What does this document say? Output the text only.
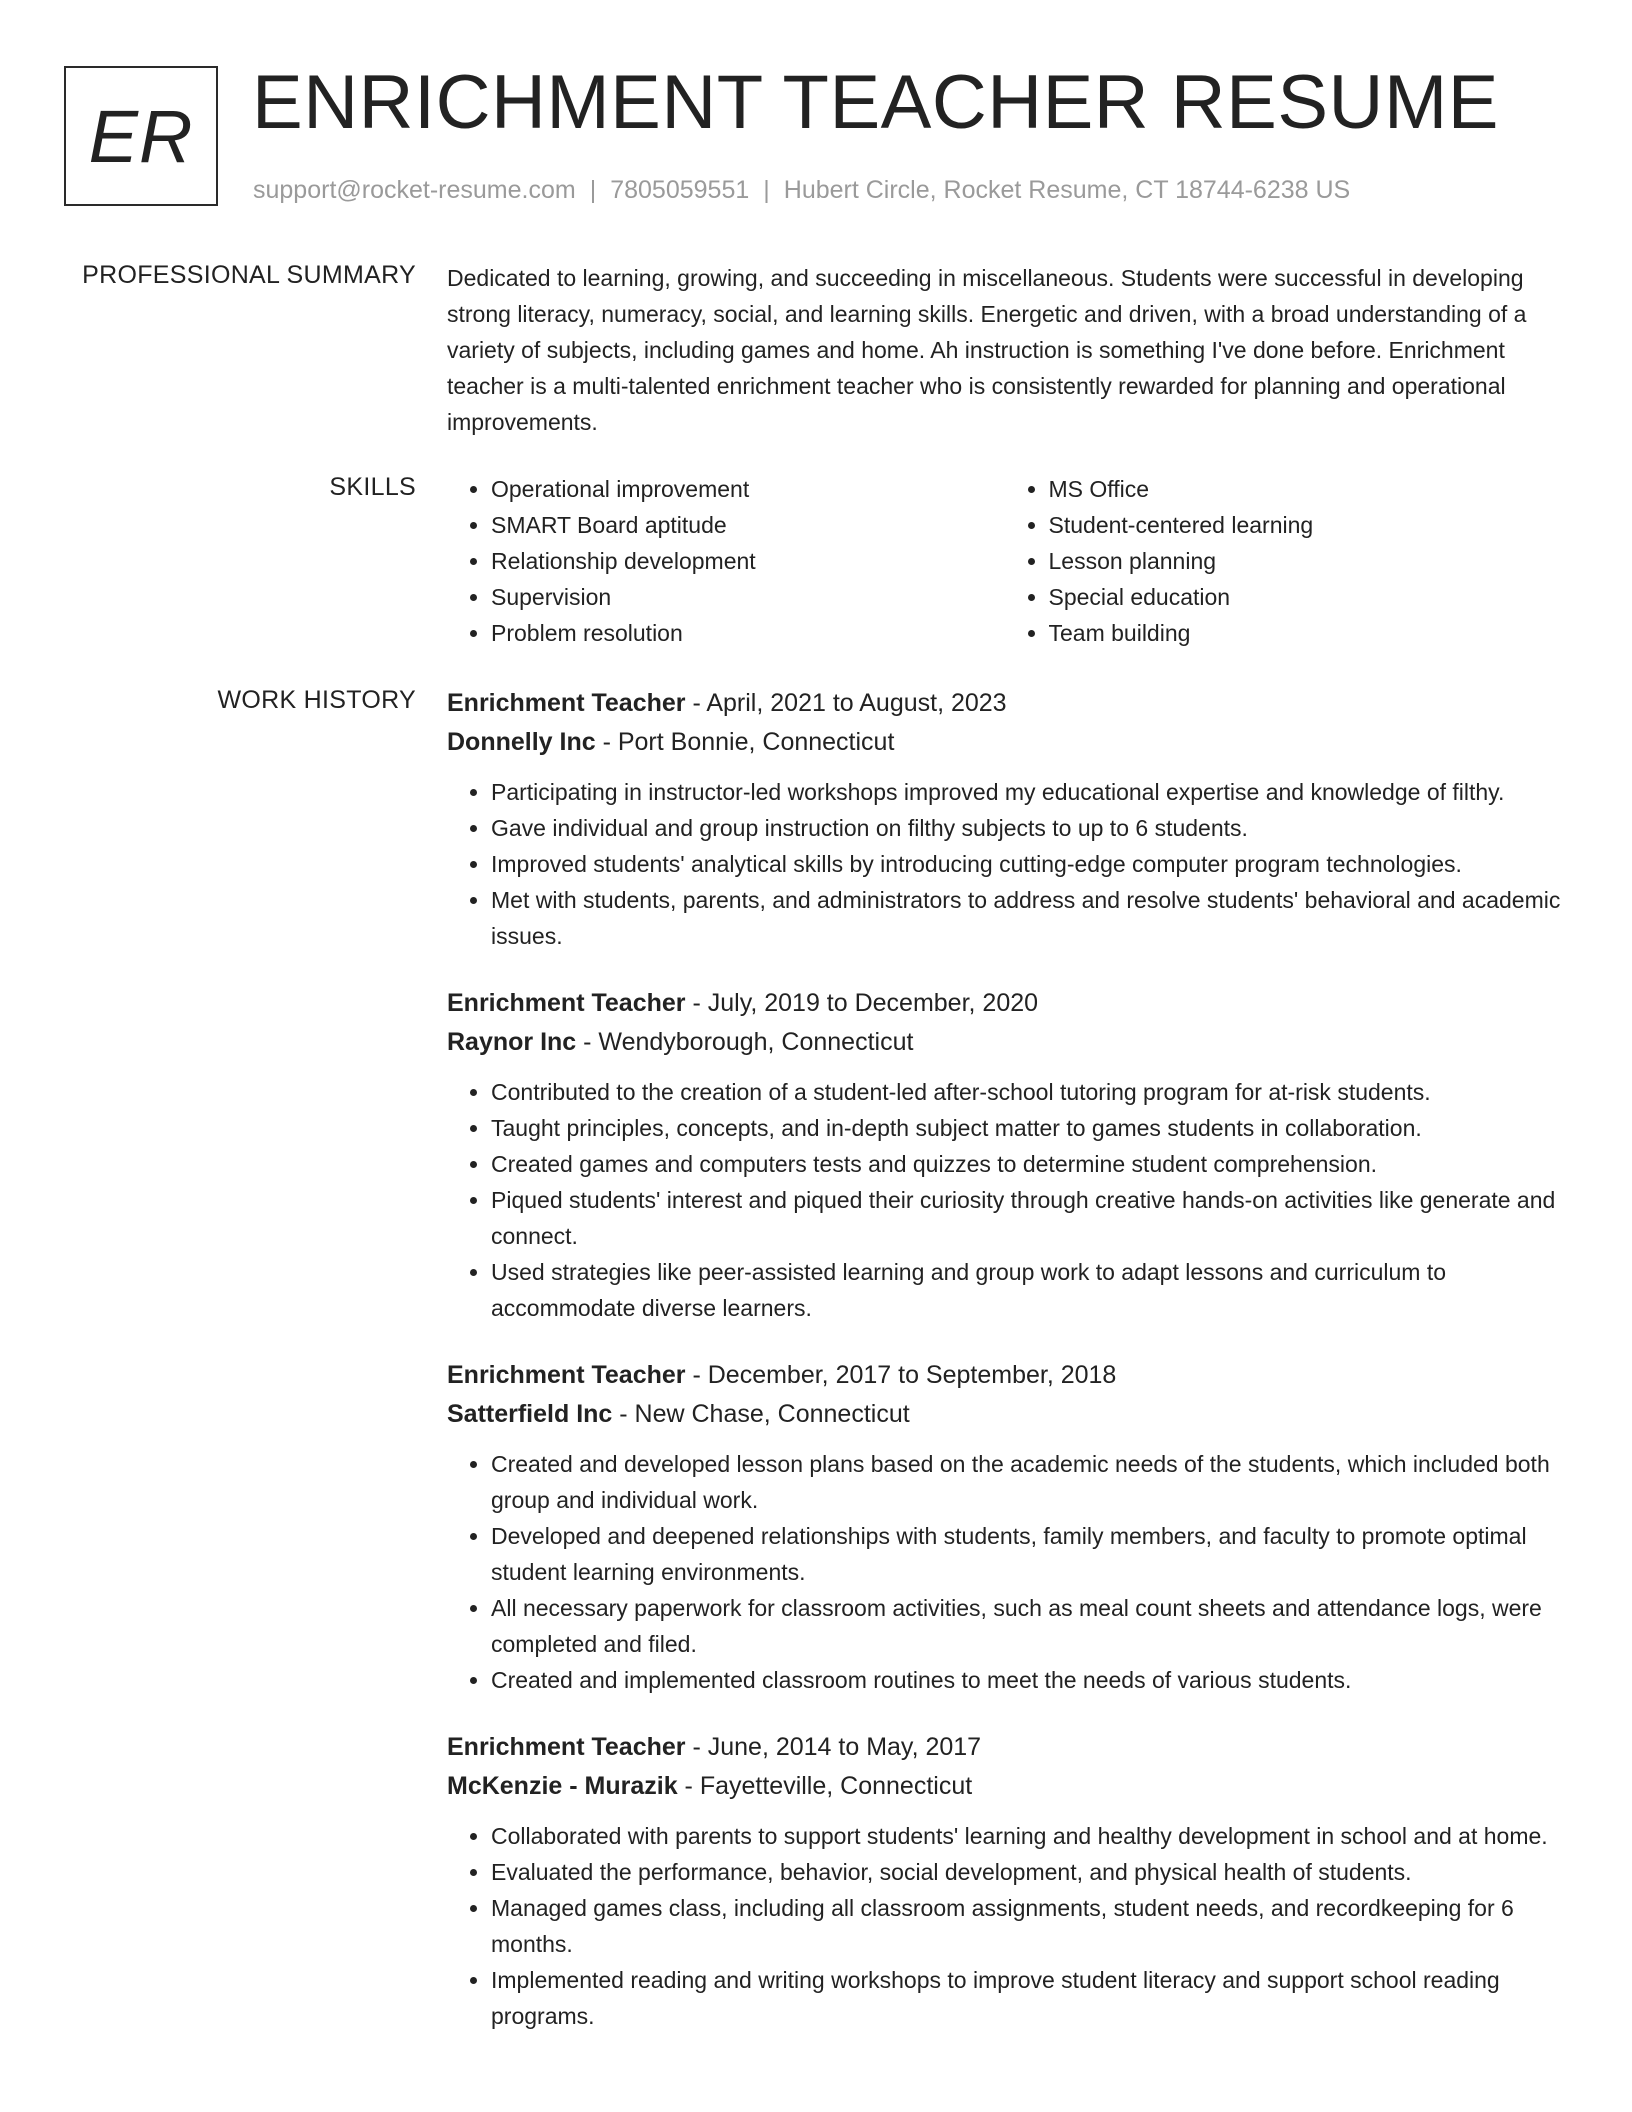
ER ENRICHMENT TEACHER RESUME
support@rocket-resume.com | 7805059551 | Hubert Circle, Rocket Resume, CT 18744-6238 US
PROFESSIONAL SUMMARY Dedicated to learning, growing, and succeeding in miscellaneous. Students were successful in developing strong literacy, numeracy, social, and learning skills. Energetic and driven, with a broad understanding of a variety of subjects, including games and home. Ah instruction is something I've done before. Enrichment teacher is a multi-talented enrichment teacher who is consistently rewarded for planning and operational improvements.

SKILLS
•	Operational improvement
• SMART Board aptitude
• Relationship development
• Supervision
• Problem resolution
• MS Office
• Student-centered learning
• Lesson planning
• Special education
• Team building
WORK HISTORY Enrichment Teacher - April, 2021 to August, 2023
Donnelly Inc - Port Bonnie, Connecticut
• Participating in instructor-led workshops improved my educational expertise and knowledge of filthy.
• Gave individual and group instruction on filthy subjects to up to 6 students.
• Improved students' analytical skills by introducing cutting-edge computer program technologies.
• Met with students, parents, and administrators to address and resolve students' behavioral and academic issues.
Enrichment Teacher - July, 2019 to December, 2020
Raynor Inc - Wendyborough, Connecticut
• Contributed to the creation of a student-led after-school tutoring program for at-risk students.
• Taught principles, concepts, and in-depth subject matter to games students in collaboration.
• Created games and computers tests and quizzes to determine student comprehension.
• Piqued students' interest and piqued their curiosity through creative hands-on activities like generate and connect.
• Used strategies like peer-assisted learning and group work to adapt lessons and curriculum to accommodate diverse learners.
Enrichment Teacher - December, 2017 to September, 2018
Satterfield Inc - New Chase, Connecticut
• Created and developed lesson plans based on the academic needs of the students, which included both group and individual work.
• Developed and deepened relationships with students, family members, and faculty to promote optimal student learning environments.
• All necessary paperwork for classroom activities, such as meal count sheets and attendance logs, were completed and filed.
• Created and implemented classroom routines to meet the needs of various students.
Enrichment Teacher - June, 2014 to May, 2017
McKenzie - Murazik - Fayetteville, Connecticut
• Collaborated with parents to support students' learning and healthy development in school and at home.
• Evaluated the performance, behavior, social development, and physical health of students.
• Managed games class, including all classroom assignments, student needs, and recordkeeping for 6 months.
• Implemented reading and writing workshops to improve student literacy and support school reading programs.
